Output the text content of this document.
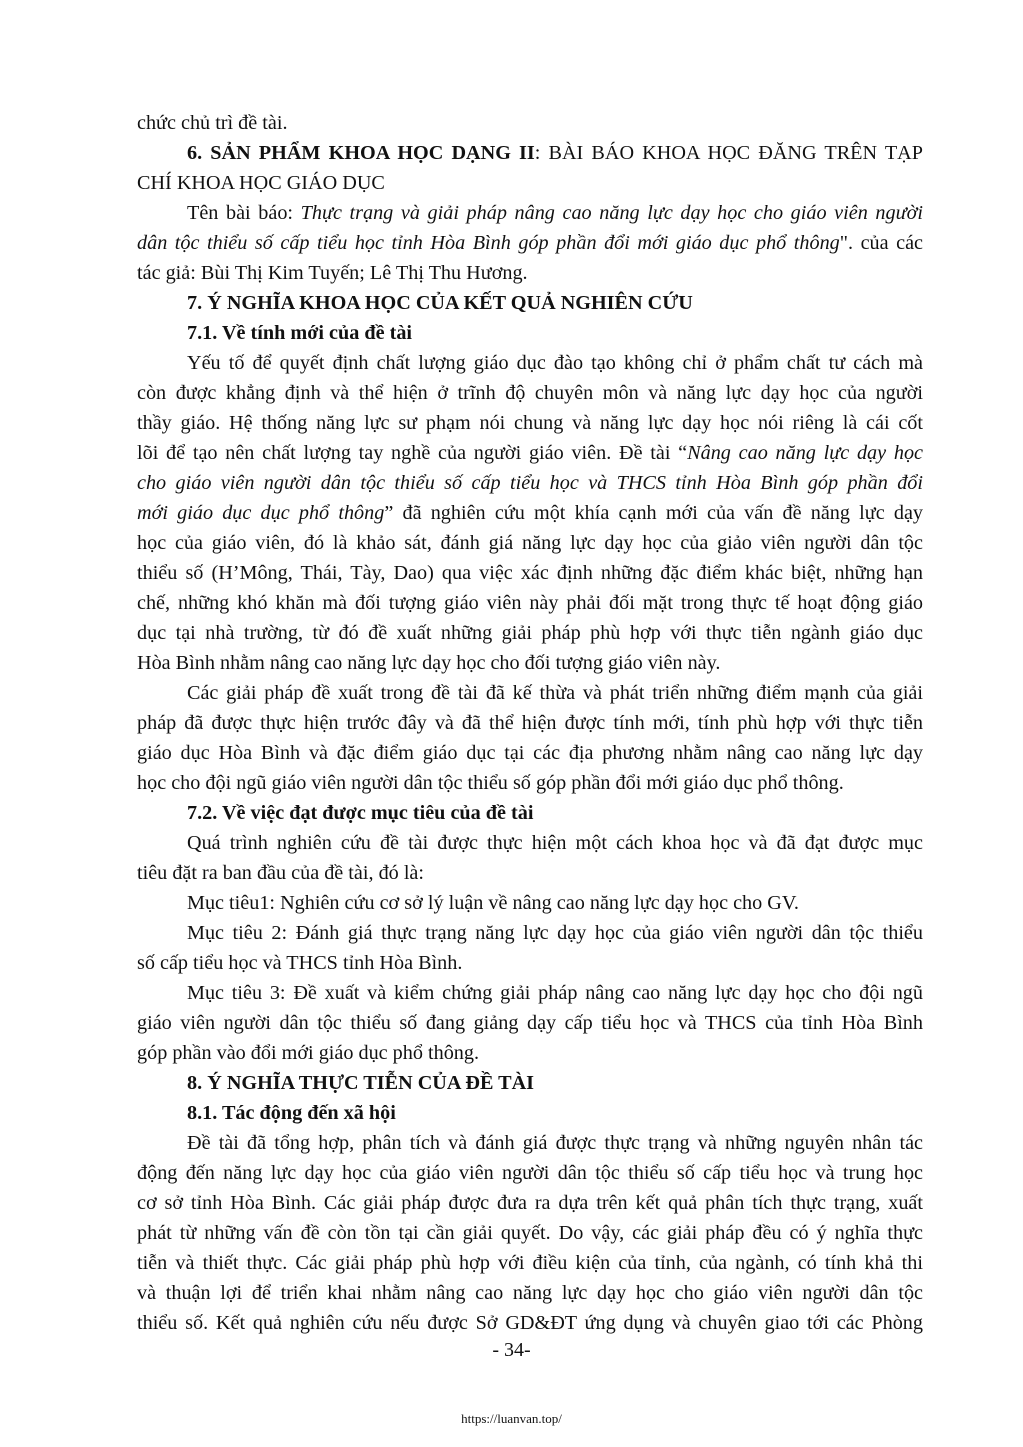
chức chủ trì đề tài.
6. SẢN PHẨM KHOA HỌC DẠNG II: BÀI BÁO KHOA HỌC ĐĂNG TRÊN TẠP
CHÍ KHOA HỌC GIÁO DỤC
Tên bài báo: Thực trạng và giải pháp nâng cao năng lực dạy học cho giáo viên người
dân tộc thiểu số cấp tiểu học tỉnh Hòa Bình góp phần đổi mới giáo dục phổ thông". của các
tác giả: Bùi Thị Kim Tuyến; Lê Thị Thu Hương.
7. Ý NGHĨA KHOA HỌC CỦA KẾT QUẢ NGHIÊN CỨU
7.1. Về tính mới của đề tài
Yếu tố để quyết định chất lượng giáo dục đào tạo không chỉ ở phẩm chất tư cách mà
còn được khẳng định và thể hiện ở trĩnh độ chuyên môn và năng lực dạy học của người
thầy giáo. Hệ thống năng lực sư phạm nói chung và năng lực dạy học nói riêng là cái cốt
lõi để tạo nên chất lượng tay nghề của người giáo viên. Đề tài “Nâng cao năng lực dạy học
cho giáo viên người dân tộc thiểu số cấp tiểu học và THCS tỉnh Hòa Bình góp phần đổi
mới giáo dục dục phổ thông” đã nghiên cứu một khía cạnh mới của vấn đề năng lực dạy
học của giáo viên, đó là khảo sát, đánh giá năng lực dạy học của giảo viên người dân tộc
thiểu số (H’Mông, Thái, Tày, Dao) qua việc xác định những đặc điểm khác biệt, những hạn
chế, những khó khăn mà đối tượng giáo viên này phải đối mặt trong thực tế hoạt động giáo
dục tại nhà trường, từ đó đề xuất những giải pháp phù hợp với thực tiễn ngành giáo dục
Hòa Bình nhằm nâng cao năng lực dạy học cho đối tượng giáo viên này.
Các giải pháp đề xuất trong đề tài đã kế thừa và phát triển những điểm mạnh của giải
pháp đã được thực hiện trước đây và đã thể hiện được tính mới, tính phù hợp với thực tiễn
giáo dục Hòa Bình và đặc điểm giáo dục tại các địa phương nhằm nâng cao năng lực dạy
học cho đội ngũ giáo viên người dân tộc thiểu số góp phần đổi mới giáo dục phổ thông.
7.2. Về việc đạt được mục tiêu của đề tài
Quá trình nghiên cứu đề tài được thực hiện một cách khoa học và đã đạt được mục
tiêu đặt ra ban đầu của đề tài, đó là:
Mục tiêu1: Nghiên cứu cơ sở lý luận về nâng cao năng lực dạy học cho GV.
Mục tiêu 2: Đánh giá thực trạng năng lực dạy học của giáo viên người dân tộc thiểu
số cấp tiểu học và THCS tỉnh Hòa Bình.
Mục tiêu 3: Đề xuất và kiểm chứng giải pháp nâng cao năng lực dạy học cho đội ngũ
giáo viên người dân tộc thiểu số đang giảng dạy cấp tiểu học và THCS của tỉnh Hòa Bình
góp phần vào đổi mới giáo dục phổ thông.
8. Ý NGHĨA THỰC TIỄN CỦA ĐỀ TÀI
8.1. Tác động đến xã hội
Đề tài đã tổng hợp, phân tích và đánh giá được thực trạng và những nguyên nhân tác
động đến năng lực dạy học của giáo viên người dân tộc thiểu số cấp tiểu học và trung học
cơ sở tỉnh Hòa Bình. Các giải pháp được đưa ra dựa trên kết quả phân tích thực trạng, xuất
phát từ những vấn đề còn tồn tại cần giải quyết. Do vậy, các giải pháp đều có ý nghĩa thực
tiễn và thiết thực. Các giải pháp phù hợp với điều kiện của tỉnh, của ngành, có tính khả thi
và thuận lợi để triển khai nhằm nâng cao năng lực dạy học cho giáo viên người dân tộc
thiểu số. Kết quả nghiên cứu nếu được Sở GD&ĐT ứng dụng và chuyên giao tới các Phòng
- 34-
https://luanvan.top/
